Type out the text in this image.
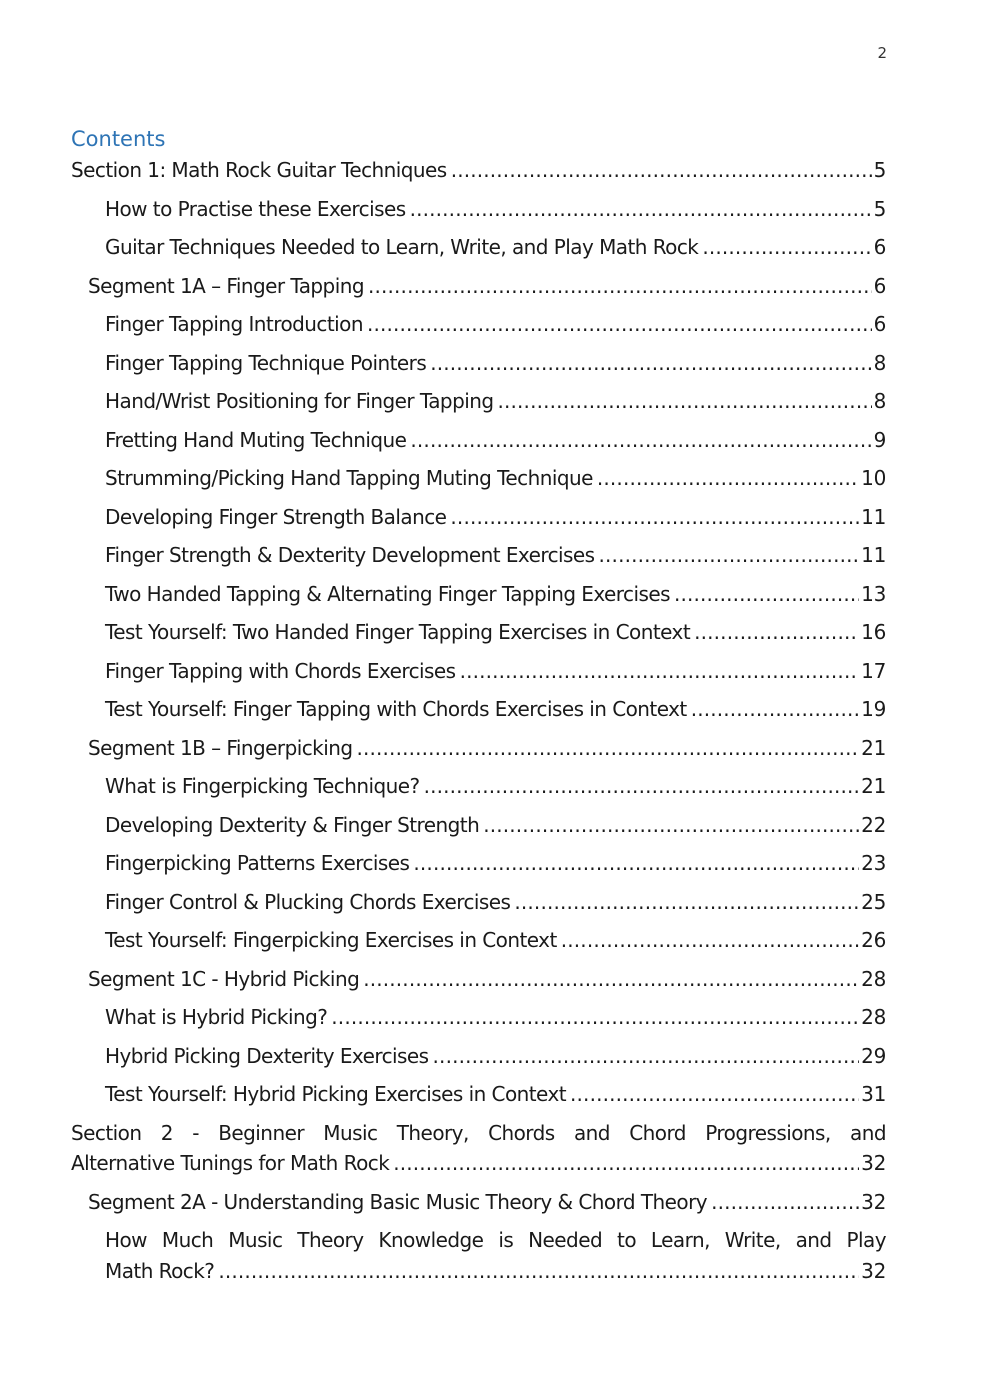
2
Contents
Section 1: Math Rock Guitar Techniques . . .	5
How to Practise these Exercises . . .	5
Guitar Techniques Needed to Learn, Write, and Play Math Rock . . .	6
Segment 1A – Finger Tapping . . .	6
Finger Tapping Introduction . . .	6
Finger Tapping Technique Pointers . . .	8
Hand/Wrist Positioning for Finger Tapping . . .	8
Fretting Hand Muting Technique . . .	9
Strumming/Picking Hand Tapping Muting Technique . . .	10
Developing Finger Strength Balance . . .	11
Finger Strength & Dexterity Development Exercises . . .	11
Two Handed Tapping & Alternating Finger Tapping Exercises . . .	13
Test Yourself: Two Handed Finger Tapping Exercises in Context . . .	16
Finger Tapping with Chords Exercises . . .	17
Test Yourself: Finger Tapping with Chords Exercises in Context . . .	19
Segment 1B – Fingerpicking . . .	21
What is Fingerpicking Technique? . . .	21
Developing Dexterity & Finger Strength . . .	22
Fingerpicking Patterns Exercises . . .	23
Finger Control & Plucking Chords Exercises . . .	25
Test Yourself: Fingerpicking Exercises in Context . . .	26
Segment 1C - Hybrid Picking . . .	28
What is Hybrid Picking? . . .	28
Hybrid Picking Dexterity Exercises . . .	29
Test Yourself: Hybrid Picking Exercises in Context . . .	31
Section 2 - Beginner Music Theory, Chords and Chord Progressions, and
Alternative Tunings for Math Rock . . .	32
Segment 2A - Understanding Basic Music Theory & Chord Theory . . .	32
How Much Music Theory Knowledge is Needed to Learn, Write, and Play
Math Rock? . . .	32
